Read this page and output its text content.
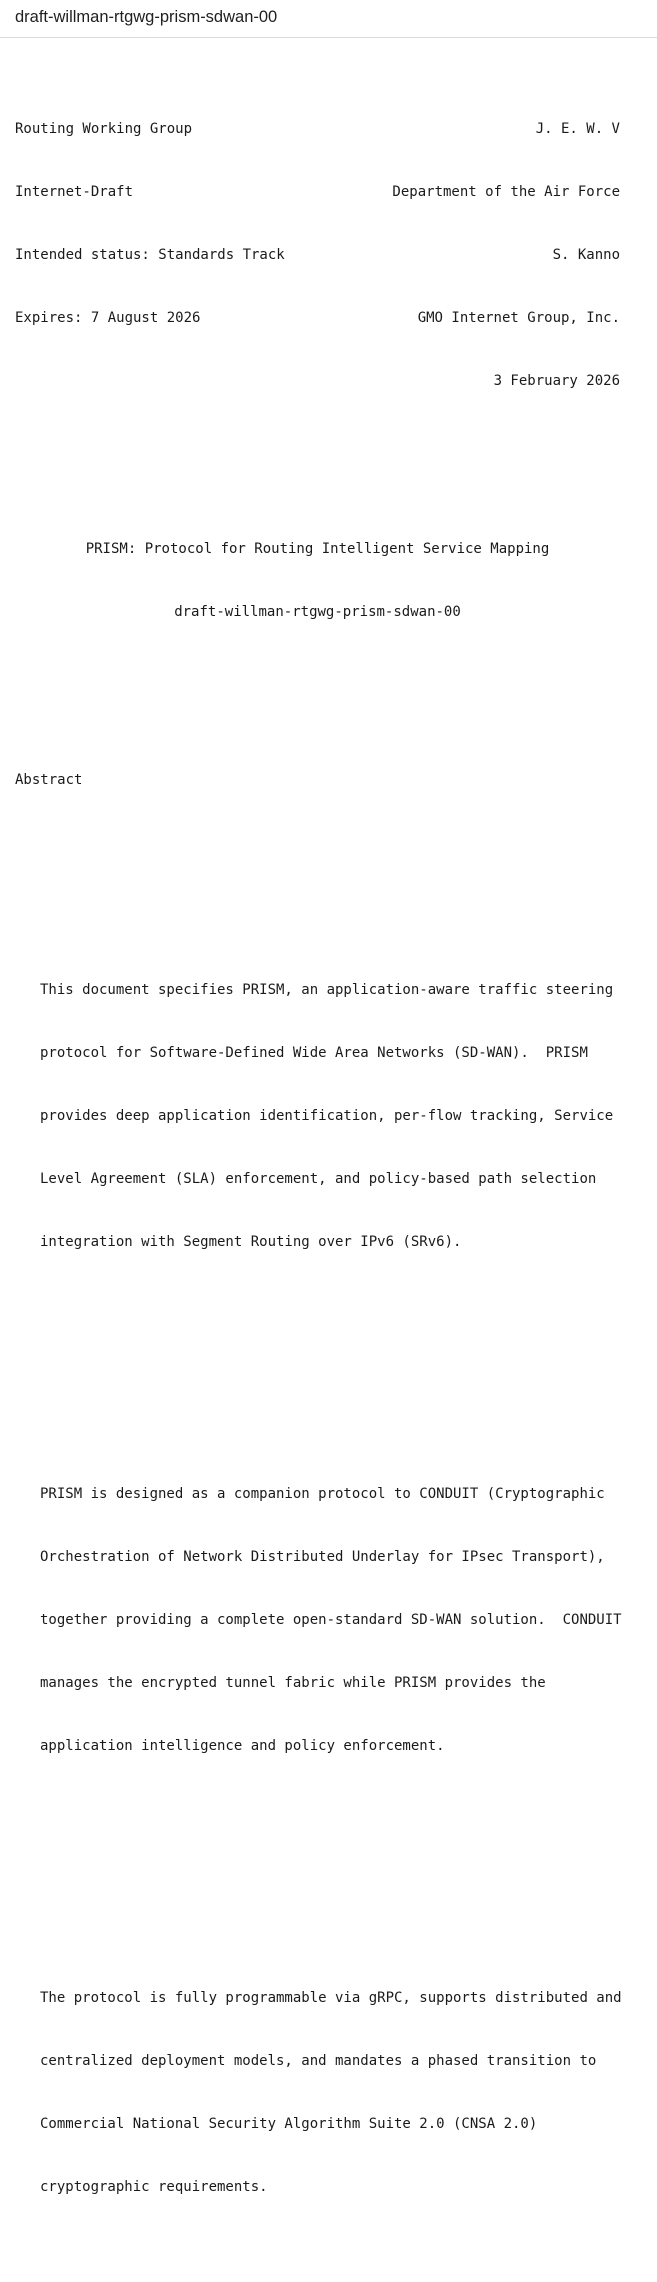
draft-willman-rtgwg-prism-sdwan-00

Routing Working Group	J. E. W. V

Internet-Draft	Department of the Air Force

Intended status: Standards Track	S. Kanno

Expires: 7 August 2026	GMO Internet Group, Inc.

3 February 2026

PRISM: Protocol for Routing Intelligent Service Mapping

draft-willman-rtgwg-prism-sdwan-00

Abstract

This document specifies PRISM, an application-aware traffic steering

protocol for Software-Defined Wide Area Networks (SD-WAN).  PRISM

provides deep application identification, per-flow tracking, Service

Level Agreement (SLA) enforcement, and policy-based path selection

integration with Segment Routing over IPv6 (SRv6).

PRISM is designed as a companion protocol to CONDUIT (Cryptographic

Orchestration of Network Distributed Underlay for IPsec Transport),

together providing a complete open-standard SD-WAN solution.  CONDUIT

manages the encrypted tunnel fabric while PRISM provides the

application intelligence and policy enforcement.

The protocol is fully programmable via gRPC, supports distributed and

centralized deployment models, and mandates a phased transition to

Commercial National Security Algorithm Suite 2.0 (CNSA 2.0)

cryptographic requirements.
